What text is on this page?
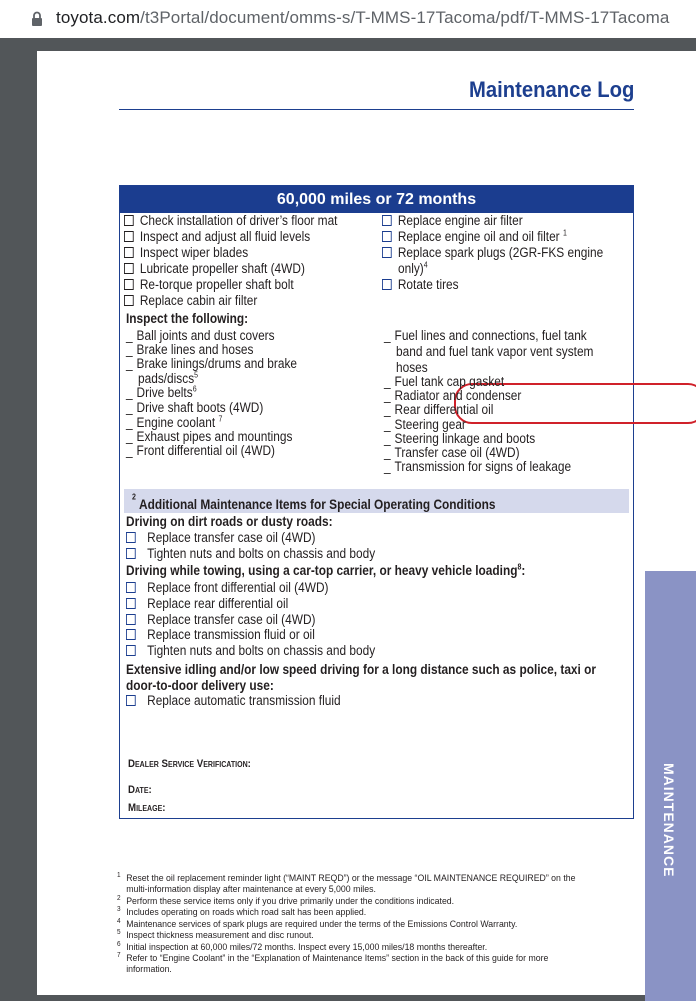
toyota.com/t3Portal/document/omms-s/T-MMS-17Tacoma/pdf/T-MMS-17Tacoma
Maintenance Log
60,000 miles or 72 months
Check installation of driver’s floor mat
Inspect and adjust all fluid levels
Inspect wiper blades
Lubricate propeller shaft (4WD)
Re-torque propeller shaft bolt
Replace cabin air filter
Replace engine air filter
Replace engine oil and oil filter $^1$
Replace spark plugs (2GR-FKS engine
only)$^4$
Rotate tires
Inspect the following:
_ Ball joints and dust covers
_ Brake lines and hoses
_ Brake linings/drums and brake
pads/discs$^5$
_ Drive belts$^6$
_ Drive shaft boots (4WD)
_ Engine coolant $^7$
_ Exhaust pipes and mountings
_ Front differential oil (4WD)
_ Fuel lines and connections, fuel tank
band and fuel tank vapor vent system
hoses
_ Fuel tank cap gasket
_ Radiator and condenser
_ Rear differential oil
_ Steering gear
_ Steering linkage and boots
_ Transfer case oil (4WD)
_ Transmission for signs of leakage
Additional Maintenance Items for Special Operating Conditions
$^2$
Driving on dirt roads or dusty roads:
Replace transfer case oil (4WD)
Tighten nuts and bolts on chassis and body
Driving while towing, using a car-top carrier, or heavy vehicle loading$^8$:
Replace front differential oil (4WD)
Replace rear differential oil
Replace transfer case oil (4WD)
Replace transmission fluid or oil
Tighten nuts and bolts on chassis and body
Extensive idling and/or low speed driving for a long distance such as police, taxi or
door-to-door delivery use:
Replace automatic transmission fluid
Dealer Service Verification:
Date:
Mileage:	MAINTENANCE
1 Reset the oil replacement reminder light (“MAINT REQD”) or the message “OIL MAINTENANCE REQUIRED” on the
multi-information display after maintenance at every 5,000 miles.
2 Perform these service items only if you drive primarily under the conditions indicated.
3 Includes operating on roads which road salt has been applied.
4 Maintenance services of spark plugs are required under the terms of the Emissions Control Warranty.
5 Inspect thickness measurement and disc runout.
6 Initial inspection at 60,000 miles/72 months. Inspect every 15,000 miles/18 months thereafter.
7 Refer to “Engine Coolant” in the “Explanation of Maintenance Items” section in the back of this guide for more
information.
